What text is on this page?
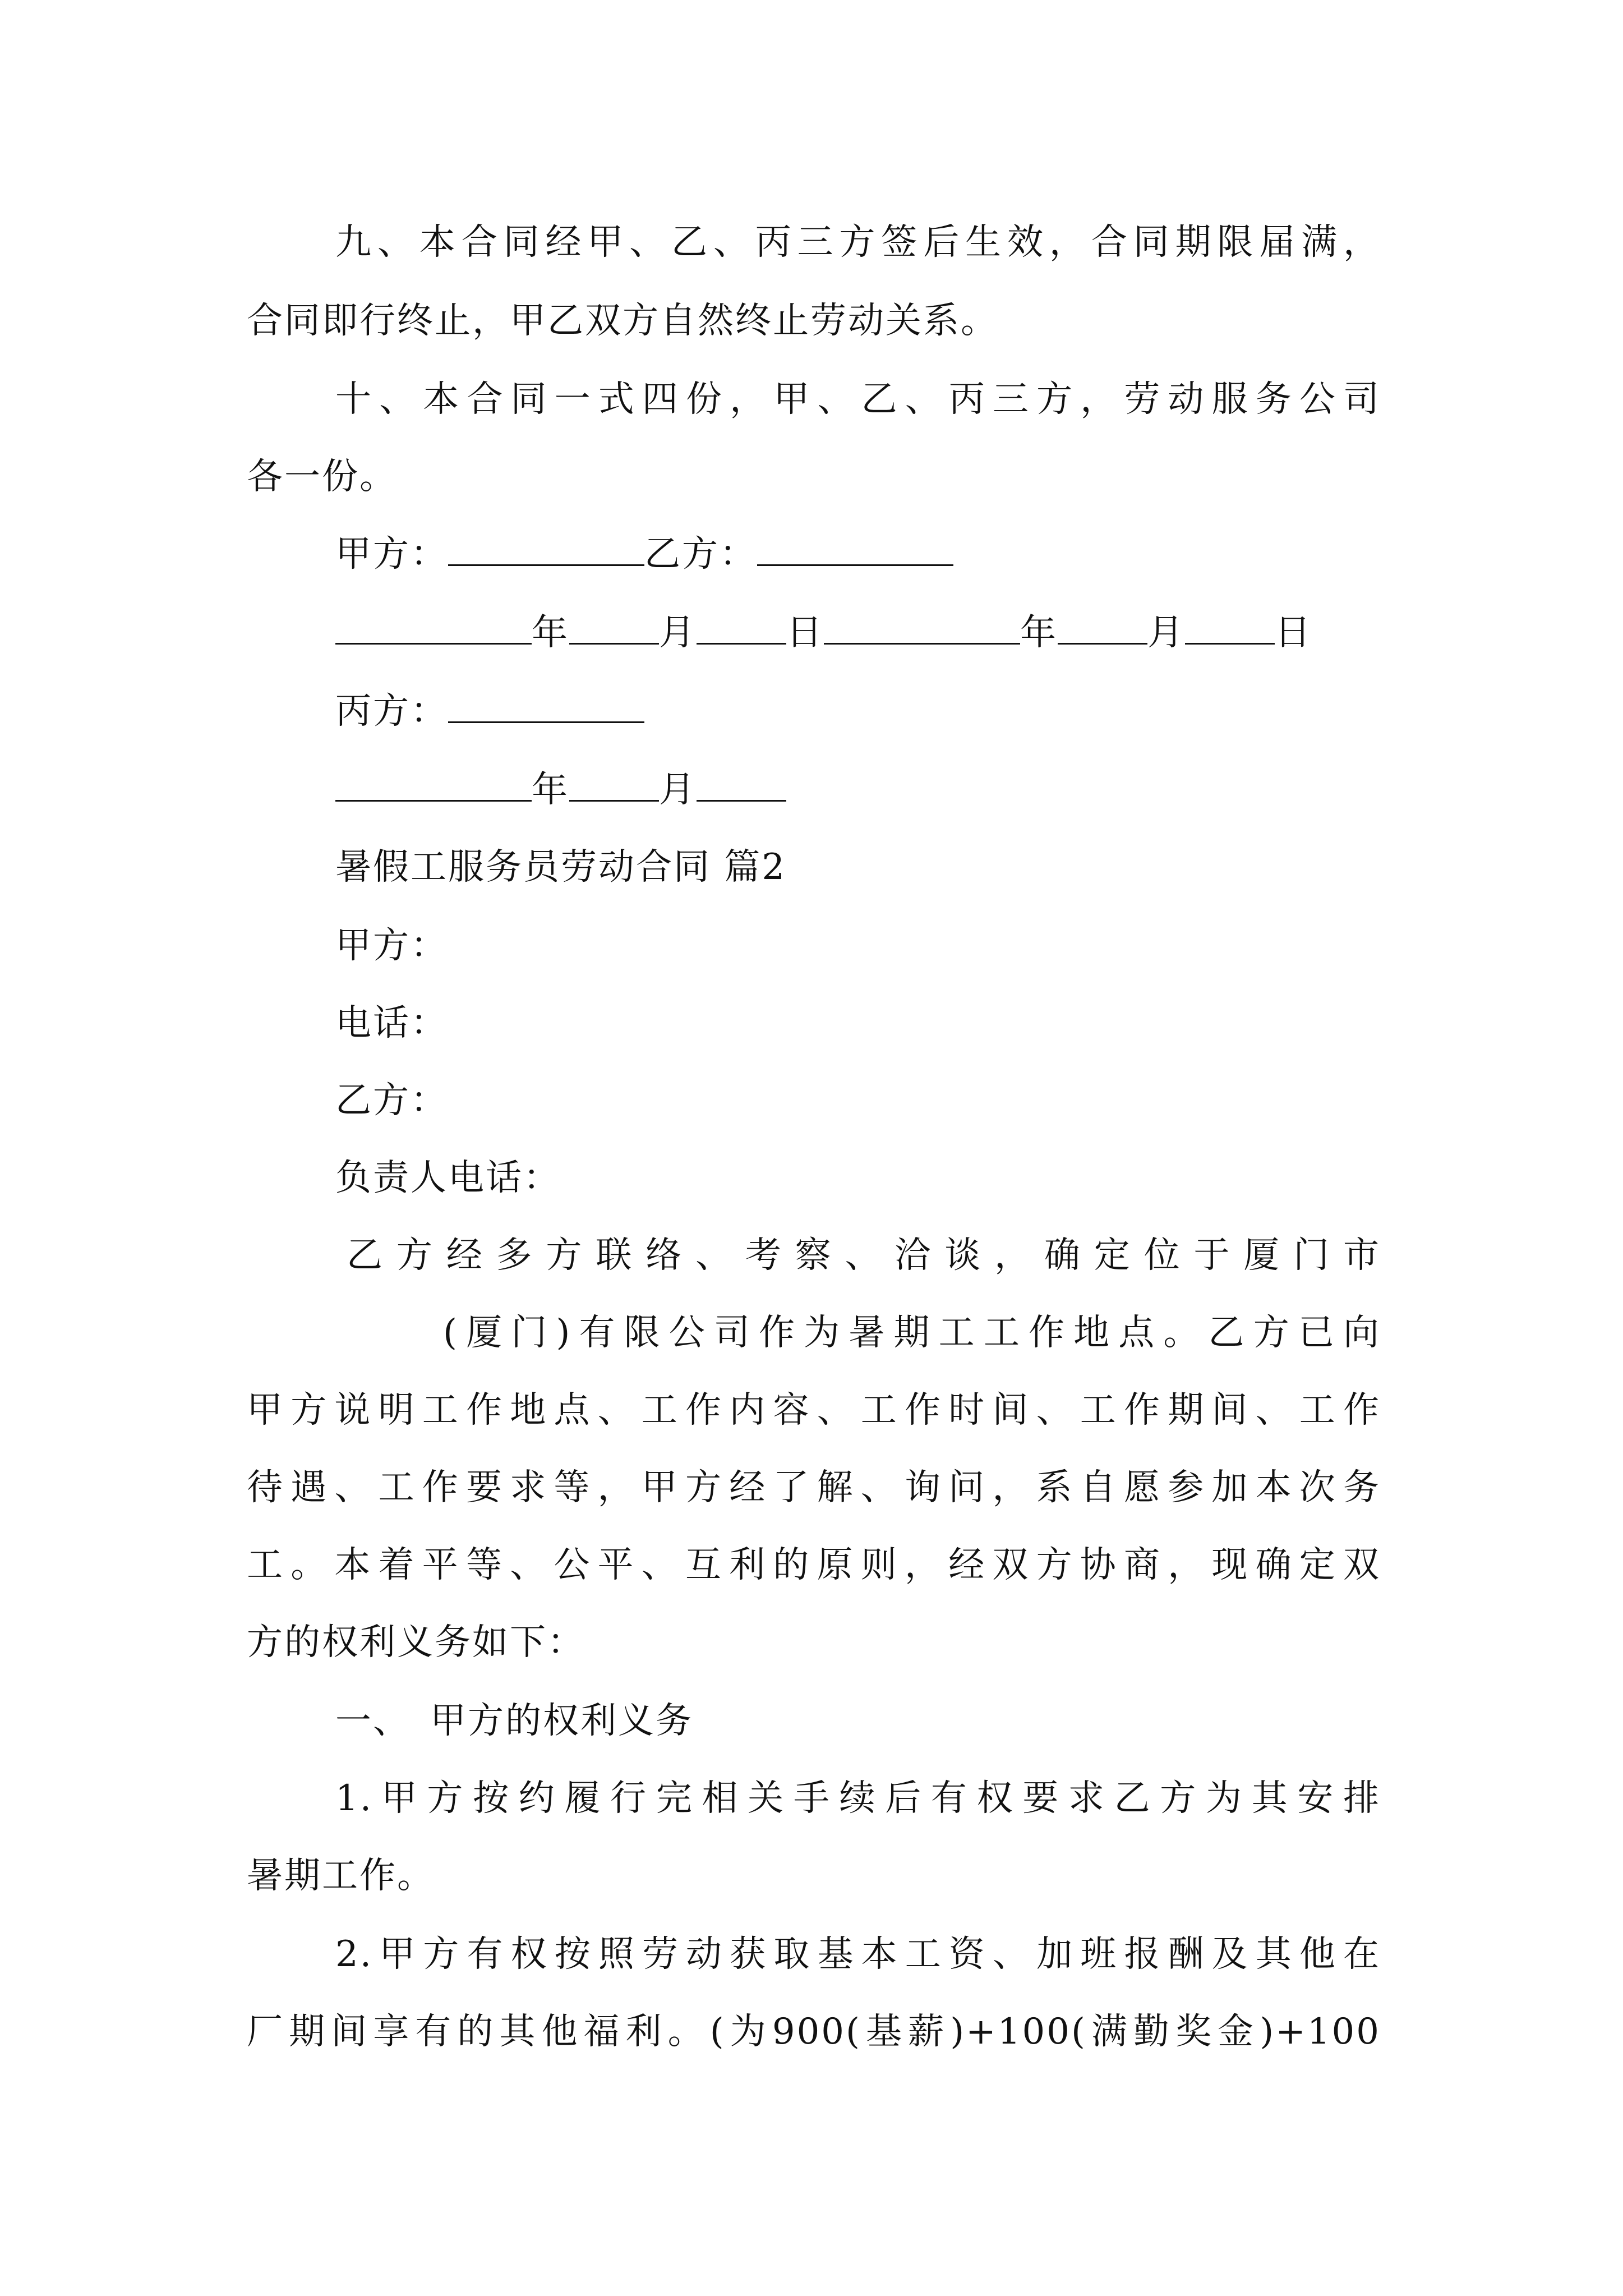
九、本合同经甲、乙、丙三方签后生效，合同期限届满，
合同即行终止，甲乙双方自然终止劳动关系。
十、本合同一式四份，甲、乙、丙三方，劳动服务公司
各一份。
甲方：	乙方：
年	月	日	年	月	日
丙方：
年	月
暑假工服务员劳动合同 篇2
甲方：
电话：
乙方：
负责人电话：
乙方经多方联络、考察、洽谈，确定位于厦门市
(厦门)有限公司作为暑期工工作地点。乙方已向
甲方说明工作地点、工作内容、工作时间、工作期间、工作
待遇、工作要求等，甲方经了解、询问，系自愿参加本次务
工。本着平等、公平、互利的原则，经双方协商，现确定双
方的权利义务如下：
一、　甲方的权利义务
1.甲方按约履行完相关手续后有权要求乙方为其安排
暑期工作。
2.甲方有权按照劳动获取基本工资、加班报酬及其他在
厂期间享有的其他福利。(为900(基薪)+100(满勤奖金)+100
